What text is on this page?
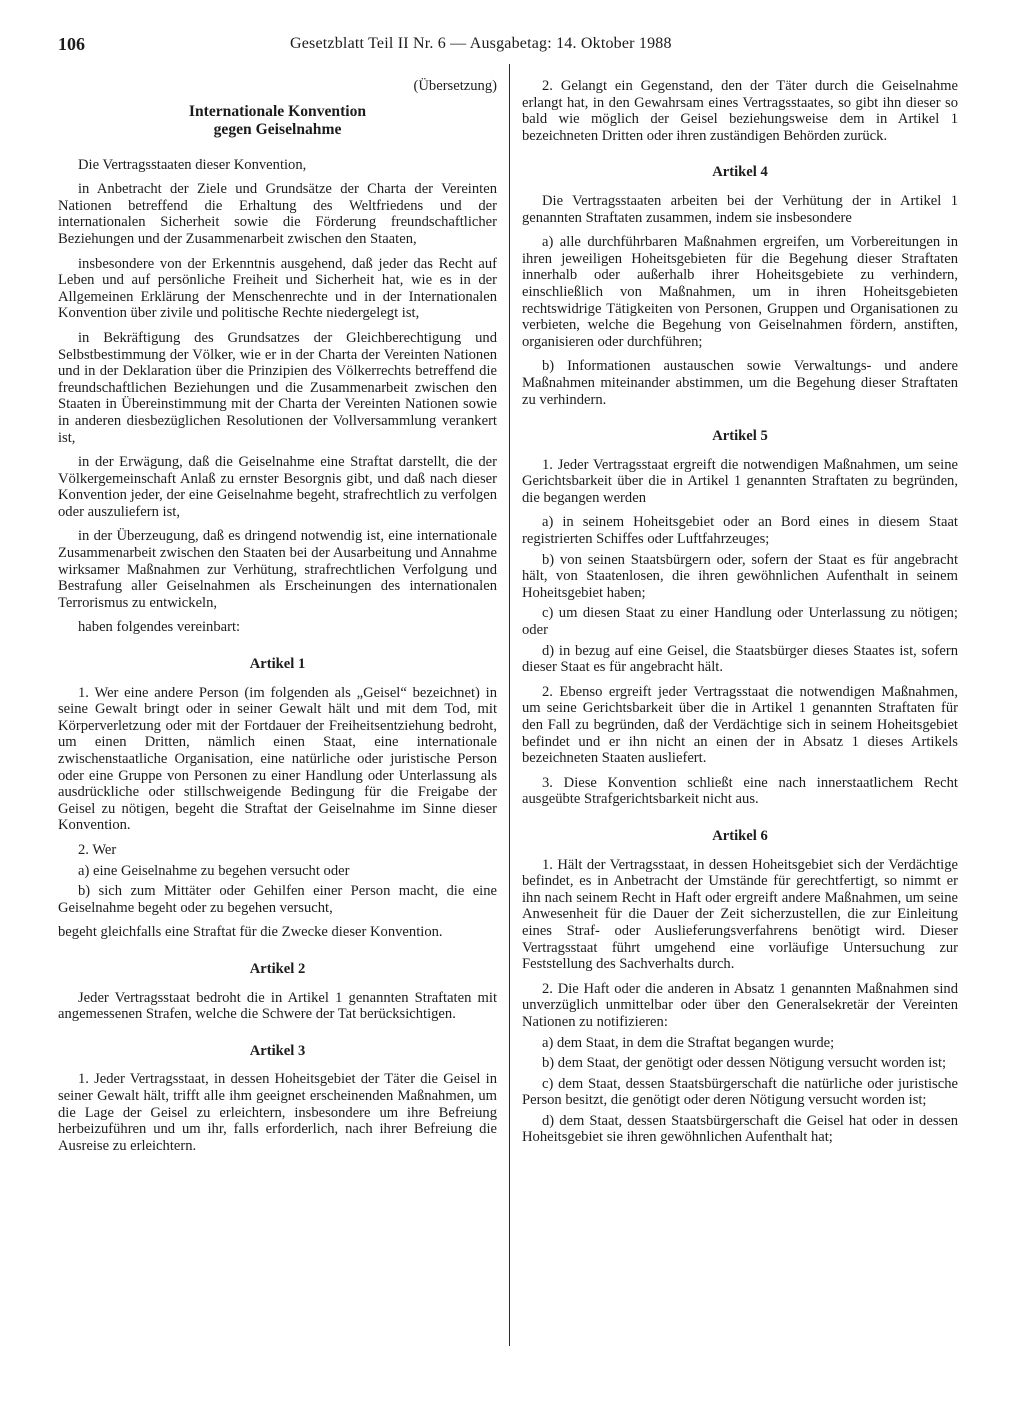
106	Gesetzblatt Teil II Nr. 6 — Ausgabetag: 14. Oktober 1988

(Übersetzung)

Internationale Konvention
gegen Geiselnahme

Die Vertragsstaaten dieser Konvention,

in Anbetracht der Ziele und Grundsätze der Charta der Vereinten Nationen betreffend die Erhaltung des Weltfriedens und der internationalen Sicherheit sowie die Förderung freundschaftlicher Beziehungen und der Zusammenarbeit zwischen den Staaten,

insbesondere von der Erkenntnis ausgehend, daß jeder das Recht auf Leben und auf persönliche Freiheit und Sicherheit hat, wie es in der Allgemeinen Erklärung der Menschenrechte und in der Internationalen Konvention über zivile und politische Rechte niedergelegt ist,

in Bekräftigung des Grundsatzes der Gleichberechtigung und Selbstbestimmung der Völker, wie er in der Charta der Vereinten Nationen und in der Deklaration über die Prinzipien des Völkerrechts betreffend die freundschaftlichen Beziehungen und die Zusammenarbeit zwischen den Staaten in Übereinstimmung mit der Charta der Vereinten Nationen sowie in anderen diesbezüglichen Resolutionen der Vollversammlung verankert ist,

in der Erwägung, daß die Geiselnahme eine Straftat darstellt, die der Völkergemeinschaft Anlaß zu ernster Besorgnis gibt, und daß nach dieser Konvention jeder, der eine Geiselnahme begeht, strafrechtlich zu verfolgen oder auszuliefern ist,

in der Überzeugung, daß es dringend notwendig ist, eine internationale Zusammenarbeit zwischen den Staaten bei der Ausarbeitung und Annahme wirksamer Maßnahmen zur Verhütung, strafrechtlichen Verfolgung und Bestrafung aller Geiselnahmen als Erscheinungen des internationalen Terrorismus zu entwickeln,

haben folgendes vereinbart:

Artikel 1

1. Wer eine andere Person (im folgenden als „Geisel“ bezeichnet) in seine Gewalt bringt oder in seiner Gewalt hält und mit dem Tod, mit Körperverletzung oder mit der Fortdauer der Freiheitsentziehung bedroht, um einen Dritten, nämlich einen Staat, eine internationale zwischenstaatliche Organisation, eine natürliche oder juristische Person oder eine Gruppe von Personen zu einer Handlung oder Unterlassung als ausdrückliche oder stillschweigende Bedingung für die Freigabe der Geisel zu nötigen, begeht die Straftat der Geiselnahme im Sinne dieser Konvention.

2. Wer

a) eine Geiselnahme zu begehen versucht oder

b) sich zum Mittäter oder Gehilfen einer Person macht, die eine Geiselnahme begeht oder zu begehen versucht,

begeht gleichfalls eine Straftat für die Zwecke dieser Konvention.

Artikel 2

Jeder Vertragsstaat bedroht die in Artikel 1 genannten Straftaten mit angemessenen Strafen, welche die Schwere der Tat berücksichtigen.

Artikel 3

1. Jeder Vertragsstaat, in dessen Hoheitsgebiet der Täter die Geisel in seiner Gewalt hält, trifft alle ihm geeignet erscheinenden Maßnahmen, um die Lage der Geisel zu erleichtern, insbesondere um ihre Befreiung herbeizuführen und um ihr, falls erforderlich, nach ihrer Befreiung die Ausreise zu erleichtern.

2. Gelangt ein Gegenstand, den der Täter durch die Geiselnahme erlangt hat, in den Gewahrsam eines Vertragsstaates, so gibt ihn dieser so bald wie möglich der Geisel beziehungsweise dem in Artikel 1 bezeichneten Dritten oder ihren zuständigen Behörden zurück.

Artikel 4

Die Vertragsstaaten arbeiten bei der Verhütung der in Artikel 1 genannten Straftaten zusammen, indem sie insbesondere

a) alle durchführbaren Maßnahmen ergreifen, um Vorbereitungen in ihren jeweiligen Hoheitsgebieten für die Begehung dieser Straftaten innerhalb oder außerhalb ihrer Hoheitsgebiete zu verhindern, einschließlich von Maßnahmen, um in ihren Hoheitsgebieten rechtswidrige Tätigkeiten von Personen, Gruppen und Organisationen zu verbieten, welche die Begehung von Geiselnahmen fördern, anstiften, organisieren oder durchführen;

b) Informationen austauschen sowie Verwaltungs- und andere Maßnahmen miteinander abstimmen, um die Begehung dieser Straftaten zu verhindern.

Artikel 5

1. Jeder Vertragsstaat ergreift die notwendigen Maßnahmen, um seine Gerichtsbarkeit über die in Artikel 1 genannten Straftaten zu begründen, die begangen werden

a) in seinem Hoheitsgebiet oder an Bord eines in diesem Staat registrierten Schiffes oder Luftfahrzeuges;

b) von seinen Staatsbürgern oder, sofern der Staat es für angebracht hält, von Staatenlosen, die ihren gewöhnlichen Aufenthalt in seinem Hoheitsgebiet haben;

c) um diesen Staat zu einer Handlung oder Unterlassung zu nötigen; oder

d) in bezug auf eine Geisel, die Staatsbürger dieses Staates ist, sofern dieser Staat es für angebracht hält.

2. Ebenso ergreift jeder Vertragsstaat die notwendigen Maßnahmen, um seine Gerichtsbarkeit über die in Artikel 1 genannten Straftaten für den Fall zu begründen, daß der Verdächtige sich in seinem Hoheitsgebiet befindet und er ihn nicht an einen der in Absatz 1 dieses Artikels bezeichneten Staaten ausliefert.

3. Diese Konvention schließt eine nach innerstaatlichem Recht ausgeübte Strafgerichtsbarkeit nicht aus.

Artikel 6

1. Hält der Vertragsstaat, in dessen Hoheitsgebiet sich der Verdächtige befindet, es in Anbetracht der Umstände für gerechtfertigt, so nimmt er ihn nach seinem Recht in Haft oder ergreift andere Maßnahmen, um seine Anwesenheit für die Dauer der Zeit sicherzustellen, die zur Einleitung eines Straf- oder Auslieferungsverfahrens benötigt wird. Dieser Vertragsstaat führt umgehend eine vorläufige Untersuchung zur Feststellung des Sachverhalts durch.

2. Die Haft oder die anderen in Absatz 1 genannten Maßnahmen sind unverzüglich unmittelbar oder über den Generalsekretär der Vereinten Nationen zu notifizieren:

a) dem Staat, in dem die Straftat begangen wurde;

b) dem Staat, der genötigt oder dessen Nötigung versucht worden ist;

c) dem Staat, dessen Staatsbürgerschaft die natürliche oder juristische Person besitzt, die genötigt oder deren Nötigung versucht worden ist;

d) dem Staat, dessen Staatsbürgerschaft die Geisel hat oder in dessen Hoheitsgebiet sie ihren gewöhnlichen Aufenthalt hat;
